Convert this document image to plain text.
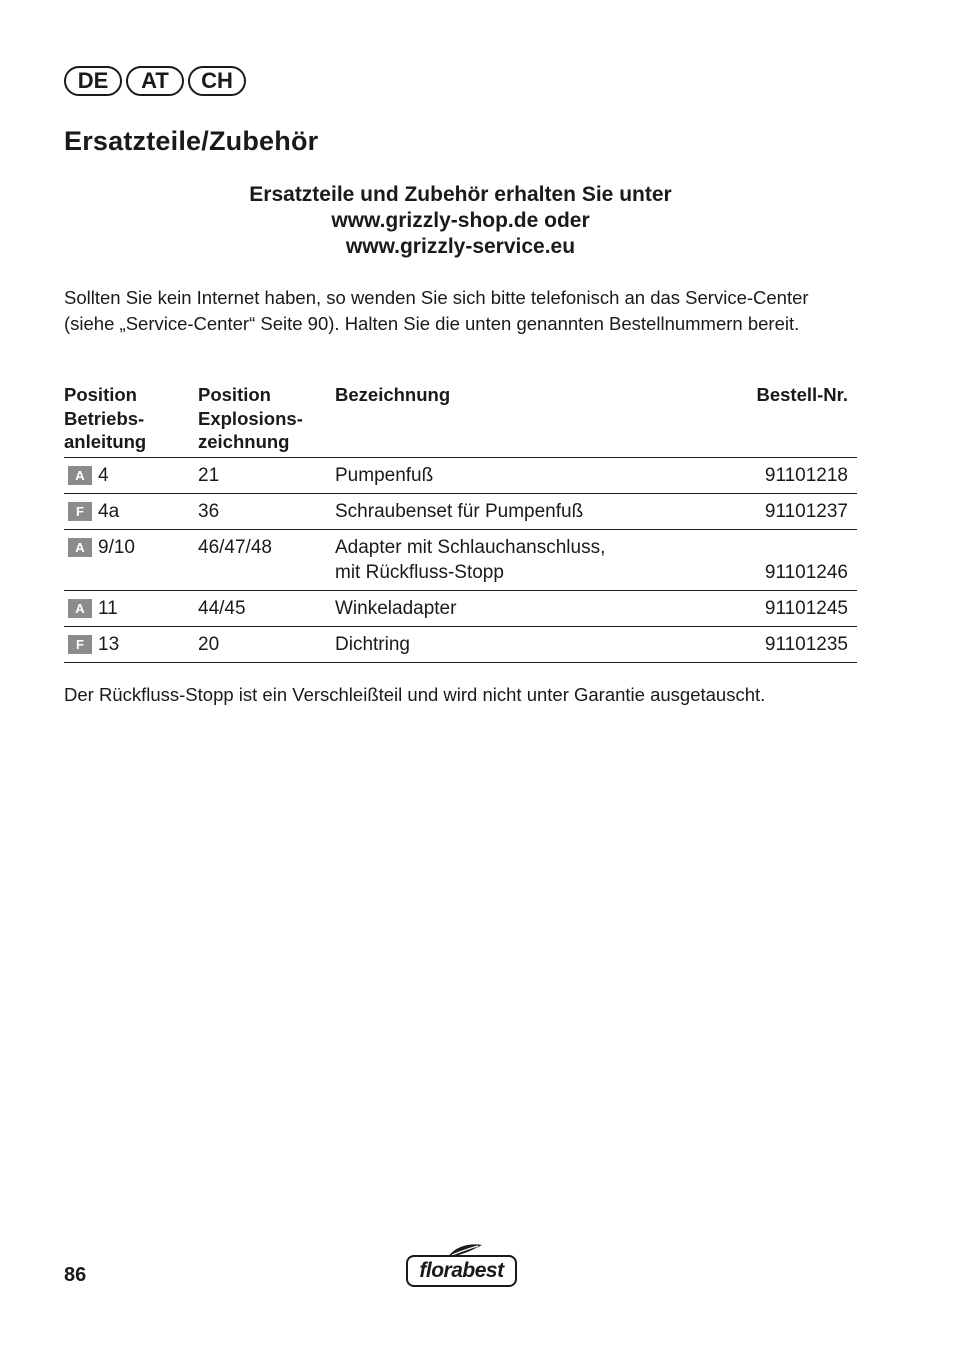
DE	AT	CH
Ersatzteile/Zubehör
Ersatzteile und Zubehör erhalten Sie unter
www.grizzly-shop.de oder
www.grizzly-service.eu

Sollten Sie kein Internet haben, so wenden Sie sich bitte telefonisch an das Service-Center (siehe „Service-Center“ Seite 90). Halten Sie die unten genannten Bestellnummern bereit.

Position
Betriebs-
anleitung	Position
Explosions-
zeichnung	Bezeichnung	Bestell-Nr.
A 4	21	Pumpenfuß	91101218
F 4a	36	Schraubenset für Pumpenfuß	91101237
A 9/10	46/47/48	Adapter mit Schlauchanschluss,
mit Rückfluss-Stopp	91101246
A 11	44/45	Winkeladapter	91101245
F 13	20	Dichtring	91101235

Der Rückfluss-Stopp ist ein Verschleißteil und wird nicht unter Garantie ausgetauscht.

86	florabest
